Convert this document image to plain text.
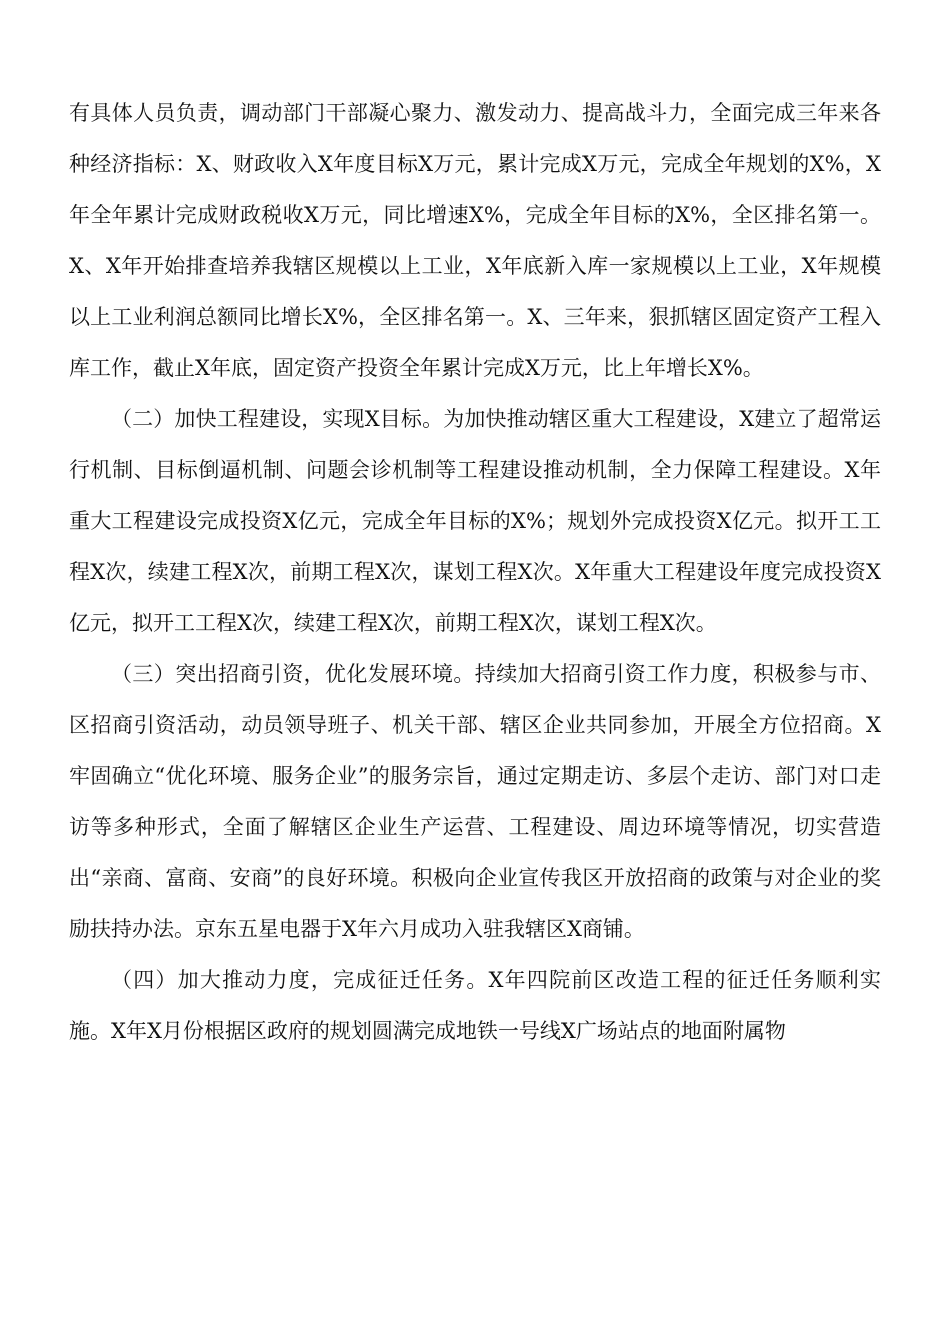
有具体人员负责，调动部门干部凝心聚力、激发动力、提高战斗力，全面完成三年来各种经济指标：X、财政收入X年度目标X万元，累计完成X万元，完成全年规划的X%，X年全年累计完成财政税收X万元，同比增速X%，完成全年目标的X%，全区排名第一。X、X年开始排查培养我辖区规模以上工业，X年底新入库一家规模以上工业，X年规模以上工业利润总额同比增长X%，全区排名第一。X、三年来，狠抓辖区固定资产工程入库工作，截止X年底，固定资产投资全年累计完成X万元，比上年增长X%。

（二）加快工程建设，实现X目标。为加快推动辖区重大工程建设，X建立了超常运行机制、目标倒逼机制、问题会诊机制等工程建设推动机制，全力保障工程建设。X年重大工程建设完成投资X亿元，完成全年目标的X%；规划外完成投资X亿元。拟开工工程X次，续建工程X次，前期工程X次，谋划工程X次。X年重大工程建设年度完成投资X亿元，拟开工工程X次，续建工程X次，前期工程X次，谋划工程X次。

（三）突出招商引资，优化发展环境。持续加大招商引资工作力度，积极参与市、区招商引资活动，动员领导班子、机关干部、辖区企业共同参加，开展全方位招商。X牢固确立“优化环境、服务企业”的服务宗旨，通过定期走访、多层个走访、部门对口走访等多种形式，全面了解辖区企业生产运营、工程建设、周边环境等情况，切实营造出“亲商、富商、安商”的良好环境。积极向企业宣传我区开放招商的政策与对企业的奖励扶持办法。京东五星电器于X年六月成功入驻我辖区X商铺。

（四）加大推动力度，完成征迁任务。X年四院前区改造工程的征迁任务顺利实施。X年X月份根据区政府的规划圆满完成地铁一号线X广场站点的地面附属物
